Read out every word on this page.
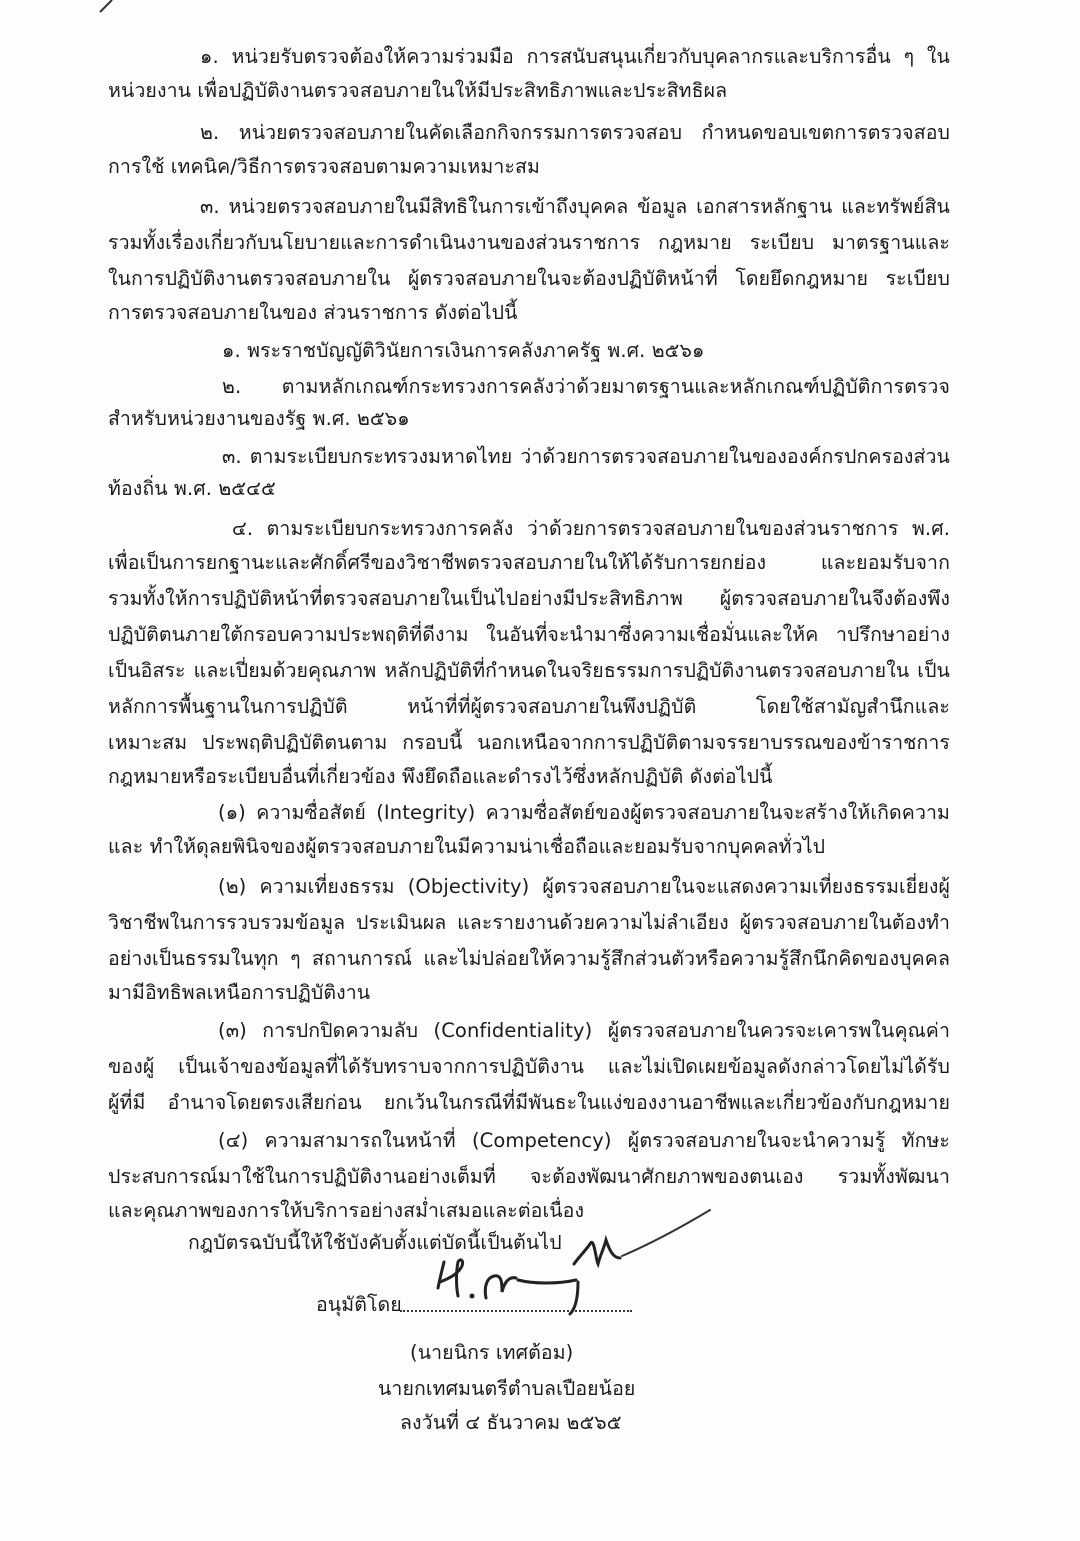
๑. หน่วยรับตรวจต้องให้ความร่วมมือ การสนับสนุนเกี่ยวกับบุคลากรและบริการอื่น ๆ ใน
หน่วยงาน เพื่อปฏิบัติงานตรวจสอบภายในให้มีประสิทธิภาพและประสิทธิผล
๒. หน่วยตรวจสอบภายในคัดเลือกกิจกรรมการตรวจสอบ กำหนดขอบเขตการตรวจสอบ
การใช้ เทคนิค/วิธีการตรวจสอบตามความเหมาะสม
๓. หน่วยตรวจสอบภายในมีสิทธิในการเข้าถึงบุคคล ข้อมูล เอกสารหลักฐาน และทรัพย์สิน
รวมทั้งเรื่องเกี่ยวกับนโยบายและการดำเนินงานของส่วนราชการ กฎหมาย ระเบียบ มาตรฐานและ
ในการปฏิบัติงานตรวจสอบภายใน ผู้ตรวจสอบภายในจะต้องปฏิบัติหน้าที่ โดยยึดกฎหมาย ระเบียบ
การตรวจสอบภายในของ ส่วนราชการ ดังต่อไปนี้
๑. พระราชบัญญัติวินัยการเงินการคลังภาครัฐ พ.ศ. ๒๕๖๑
๒. ตามหลักเกณฑ์กระทรวงการคลังว่าด้วยมาตรฐานและหลักเกณฑ์ปฏิบัติการตรวจ
สำหรับหน่วยงานของรัฐ พ.ศ. ๒๕๖๑
๓. ตามระเบียบกระทรวงมหาดไทย ว่าด้วยการตรวจสอบภายในขององค์กรปกครองส่วน
ท้องถิ่น พ.ศ. ๒๕๔๕
๔. ตามระเบียบกระทรวงการคลัง ว่าด้วยการตรวจสอบภายในของส่วนราชการ พ.ศ.
เพื่อเป็นการยกฐานะและศักดิ์ศรีของวิชาชีพตรวจสอบภายในให้ได้รับการยกย่อง และยอมรับจาก
รวมทั้งให้การปฏิบัติหน้าที่ตรวจสอบภายในเป็นไปอย่างมีประสิทธิภาพ ผู้ตรวจสอบภายในจึงต้องพึง
ปฏิบัติตนภายใต้กรอบความประพฤติที่ดีงาม ในอันที่จะนำมาซึ่งความเชื่อมั่นและให้ค าปรึกษาอย่าง
เป็นอิสระ และเปี่ยมด้วยคุณภาพ หลักปฏิบัติที่กำหนดในจริยธรรมการปฏิบัติงานตรวจสอบภายใน เป็น
หลักการพื้นฐานในการปฏิบัติ หน้าที่ที่ผู้ตรวจสอบภายในพึงปฏิบัติ โดยใช้สามัญสำนึกและ
เหมาะสม ประพฤติปฏิบัติตนตาม กรอบนี้ นอกเหนือจากการปฏิบัติตามจรรยาบรรณของข้าราชการ
กฎหมายหรือระเบียบอื่นที่เกี่ยวข้อง พึงยึดถือและดำรงไว้ซึ่งหลักปฏิบัติ ดังต่อไปนี้
(๑) ความซื่อสัตย์ (Integrity) ความซื่อสัตย์ของผู้ตรวจสอบภายในจะสร้างให้เกิดความ
และ ทำให้ดุลยพินิจของผู้ตรวจสอบภายในมีความน่าเชื่อถือและยอมรับจากบุคคลทั่วไป
(๒) ความเที่ยงธรรม (Objectivity) ผู้ตรวจสอบภายในจะแสดงความเที่ยงธรรมเยี่ยงผู้
วิชาชีพในการรวบรวมข้อมูล ประเมินผล และรายงานด้วยความไม่ลำเอียง ผู้ตรวจสอบภายในต้องทำ
อย่างเป็นธรรมในทุก ๆ สถานการณ์ และไม่ปล่อยให้ความรู้สึกส่วนตัวหรือความรู้สึกนึกคิดของบุคคล
มามีอิทธิพลเหนือการปฏิบัติงาน
(๓) การปกปิดความลับ (Confidentiality) ผู้ตรวจสอบภายในควรจะเคารพในคุณค่า
ของผู้ เป็นเจ้าของข้อมูลที่ได้รับทราบจากการปฏิบัติงาน และไม่เปิดเผยข้อมูลดังกล่าวโดยไม่ได้รับ
ผู้ที่มี อำนาจโดยตรงเสียก่อน ยกเว้นในกรณีที่มีพันธะในแง่ของงานอาชีพและเกี่ยวข้องกับกฎหมาย
(๔) ความสามารถในหน้าที่ (Competency) ผู้ตรวจสอบภายในจะนำความรู้ ทักษะ
ประสบการณ์มาใช้ในการปฏิบัติงานอย่างเต็มที่ จะต้องพัฒนาศักยภาพของตนเอง รวมทั้งพัฒนา
และคุณภาพของการให้บริการอย่างสม่ำเสมอและต่อเนื่อง
กฎบัตรฉบับนี้ให้ใช้บังคับตั้งแต่บัดนี้เป็นต้นไป
อนุมัติโดย
(นายนิกร เทศต้อม)
นายกเทศมนตรีตำบลเปือยน้อย
ลงวันที่ ๔ ธันวาคม ๒๕๖๕
